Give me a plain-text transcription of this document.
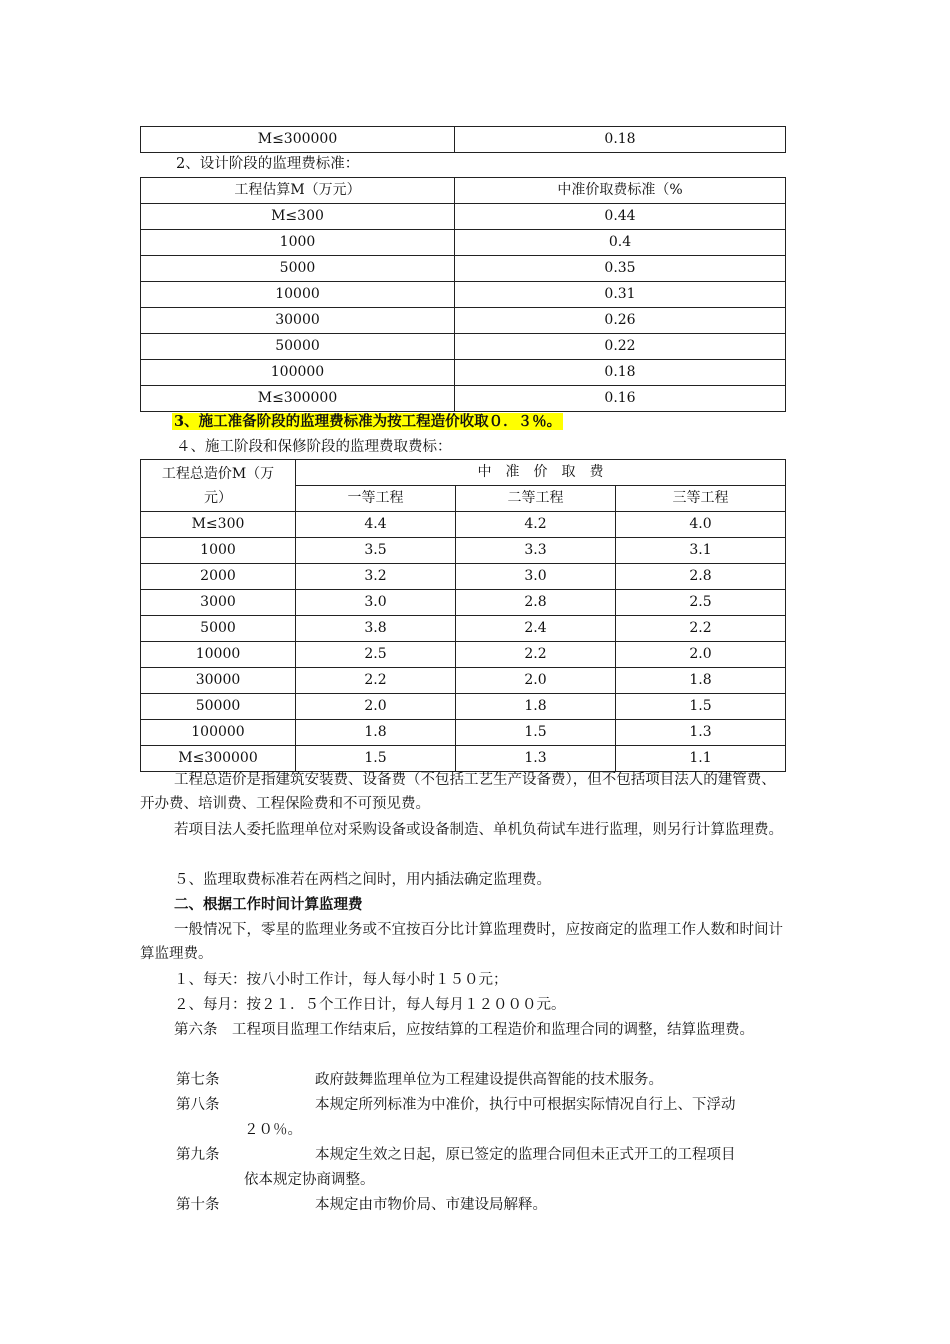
M≤300000	0.18
2、设计阶段的监理费标准：
工程估算M（万元）	中准价取费标准（%
M≤300	0.44
1000	0.4
5000	0.35
10000	0.31
30000	0.26
50000	0.22
100000	0.18
M≤300000	0.16
3、施工准备阶段的监理费标准为按工程造价收取０．３％。
４、施工阶段和保修阶段的监理费取费标：
工程总造价M（万
元）	中　准　价　取　费		
	一等工程	二等工程	三等工程
M≤300	4.4	4.2	4.0
1000	3.5	3.3	3.1
2000	3.2	3.0	2.8
3000	3.0	2.8	2.5
5000	3.8	2.4	2.2
10000	2.5	2.2	2.0
30000	2.2	2.0	1.8
50000	2.0	1.8	1.5
100000	1.8	1.5	1.3
M≤300000	1.5	1.3	1.1
工程总造价是指建筑安装费、设备费（不包括工艺生产设备费），但不包括项目法人的建管费、开办费、培训费、工程保险费和不可预见费。
若项目法人委托监理单位对采购设备或设备制造、单机负荷试车进行监理，则另行计算监理费。
５、监理取费标准若在两档之间时，用内插法确定监理费。
二、根据工作时间计算监理费
一般情况下，零星的监理业务或不宜按百分比计算监理费时，应按商定的监理工作人数和时间计算监理费。
１、每天：按八小时工作计，每人每小时１５０元；
２、每月：按２１．５个工作日计，每人每月１２０００元。
第六条　工程项目监理工作结束后，应按结算的工程造价和监理合同的调整，结算监理费。
第七条	政府鼓舞监理单位为工程建设提供高智能的技术服务。
第八条	本规定所列标准为中准价，执行中可根据实际情况自行上、下浮动
２０％。
第九条	本规定生效之日起，原已签定的监理合同但未正式开工的工程项目
依本规定协商调整。
第十条	本规定由市物价局、市建设局解释。
